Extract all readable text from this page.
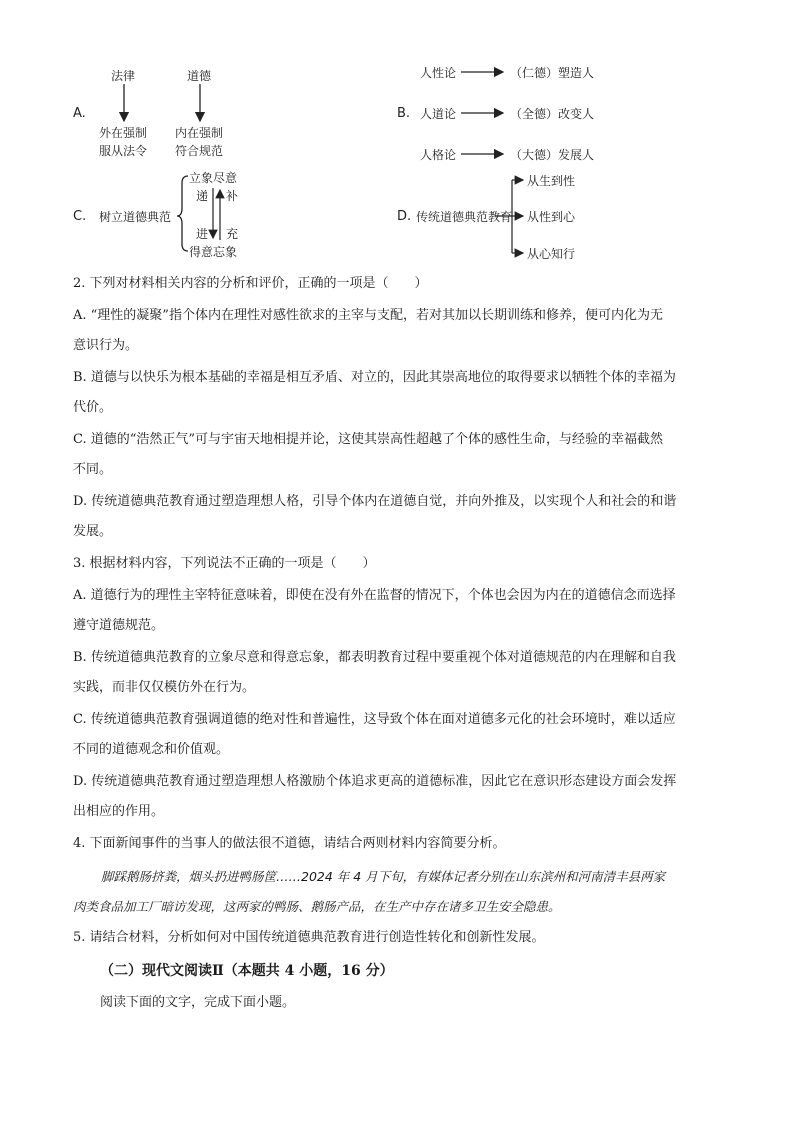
A.
法律
外在强制
服从法令
道德
内在强制
符合规范
B.
人性论	（仁德）塑造人
人道论	（全德）改变人
人格论	（大德）发展人
C. 树立道德典范
立象尽意
得意忘象
递
进
补
充
D. 传统道德典范教育
从生到性
从性到心
从心知行
2. 下列对材料相关内容的分析和评价，正确的一项是（　　）
A. “理性的凝聚”指个体内在理性对感性欲求的主宰与支配，若对其加以长期训练和修养，便可内化为无
意识行为。
B. 道德与以快乐为根本基础的幸福是相互矛盾、对立的，因此其崇高地位的取得要求以牺牲个体的幸福为
代价。
C. 道德的“浩然正气”可与宇宙天地相提并论，这使其崇高性超越了个体的感性生命，与经验的幸福截然
不同。
D. 传统道德典范教育通过塑造理想人格，引导个体内在道德自觉，并向外推及，以实现个人和社会的和谐
发展。
3. 根据材料内容，下列说法不正确的一项是（　　）
A. 道德行为的理性主宰特征意味着，即使在没有外在监督的情况下，个体也会因为内在的道德信念而选择
遵守道德规范。
B. 传统道德典范教育的立象尽意和得意忘象，都表明教育过程中要重视个体对道德规范的内在理解和自我
实践，而非仅仅模仿外在行为。
C. 传统道德典范教育强调道德的绝对性和普遍性，这导致个体在面对道德多元化的社会环境时，难以适应
不同的道德观念和价值观。
D. 传统道德典范教育通过塑造理想人格激励个体追求更高的道德标准，因此它在意识形态建设方面会发挥
出相应的作用。
4. 下面新闻事件的当事人的做法很不道德，请结合两则材料内容简要分析。
脚踩鹅肠挤粪，烟头扔进鸭肠筐……2024 年 4 月下旬，有媒体记者分别在山东滨州和河南清丰县两家
肉类食品加工厂暗访发现，这两家的鸭肠、鹅肠产品，在生产中存在诸多卫生安全隐患。
5. 请结合材料，分析如何对中国传统道德典范教育进行创造性转化和创新性发展。
（二）现代文阅读Ⅱ（本题共 4 小题，16 分）
阅读下面的文字，完成下面小题。
